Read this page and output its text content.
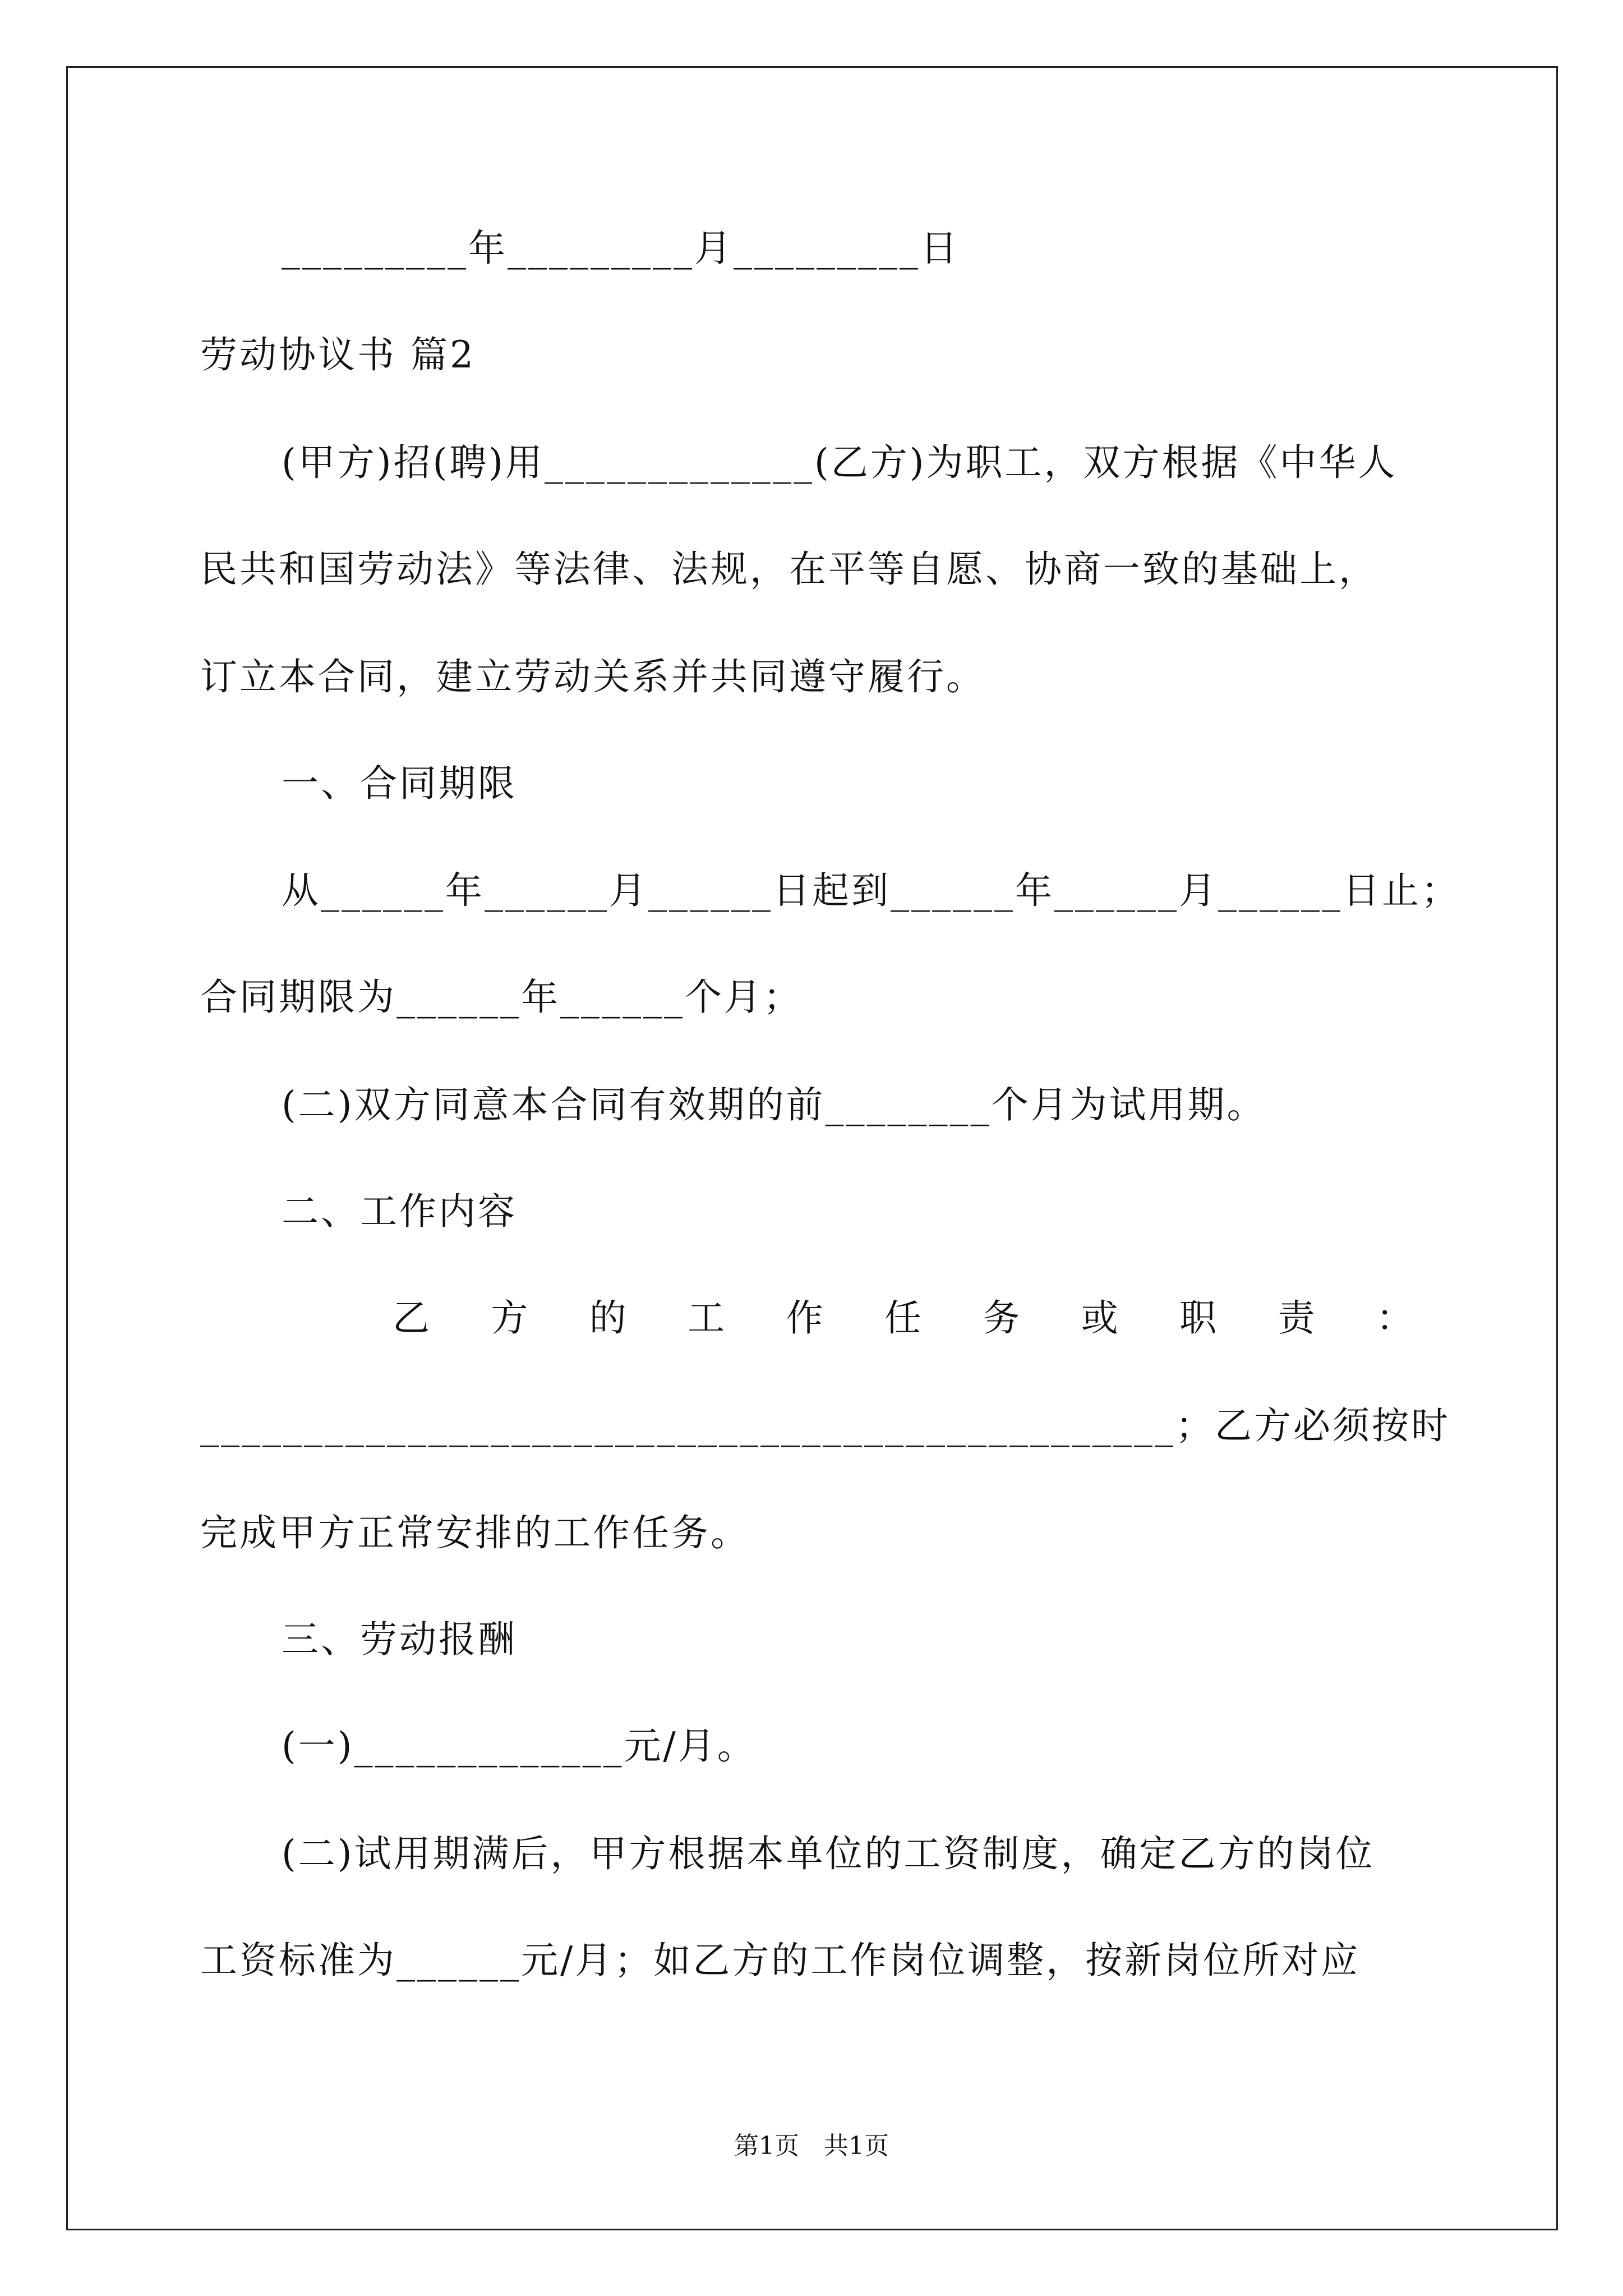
_________年_________月_________日
劳动协议书 篇2
(甲方)招(聘)用_____________(乙方)为职工，双方根据《中华人
民共和国劳动法》等法律、法规，在平等自愿、协商一致的基础上，
订立本合同，建立劳动关系并共同遵守履行。
一、合同期限
从______年______月______日起到______年______月______日止；
合同期限为______年______个月；
(二)双方同意本合同有效期的前________个月为试用期。
二、工作内容
乙 方 的 工 作 任 务 或 职 责 ：
_______________________________________________；乙方必须按时
完成甲方正常安排的工作任务。
三、劳动报酬
(一)_____________元/月。
(二)试用期满后，甲方根据本单位的工资制度，确定乙方的岗位
工资标准为______元/月；如乙方的工作岗位调整，按新岗位所对应
第1页　共1页
